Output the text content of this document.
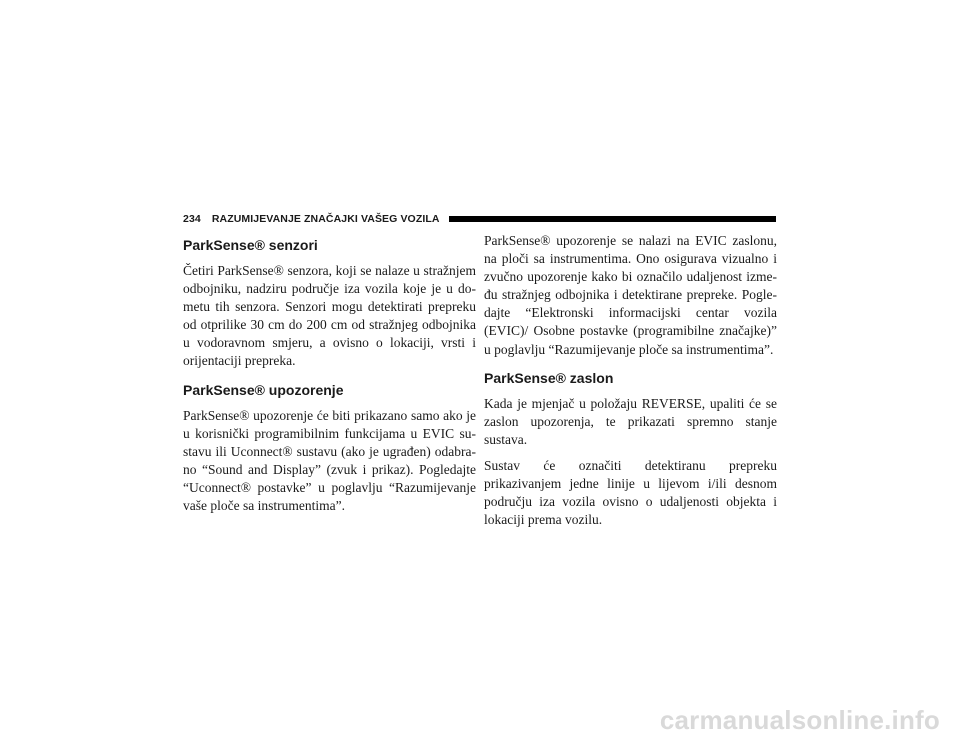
234 RAZUMIJEVANJE ZNAČAJKI VAŠEG VOZILA
ParkSense® senzori

Četiri ParkSense® senzora, koji se nalaze u stražnjem odbojniku, nadziru područje iza vozila koje je u dometu tih senzora. Senzori mogu detektirati prepreku od otprilike 30 cm do 200 cm od stražnjeg odbojnika u vodoravnom smjeru, a ovisno o lokaciji, vrsti i orijentaciji prepreka.

ParkSense® upozorenje

ParkSense® upozorenje će biti prikazano samo ako je u korisnički programibilnim funkcijama u EVIC sustavu ili Uconnect® sustavu (ako je ugrađen) odabrano “Sound and Display” (zvuk i prikaz). Pogledajte “Uconnect® postavke” u poglavlju “Razumijevanje vaše ploče sa instrumentima”.

ParkSense® upozorenje se nalazi na EVIC zaslonu, na ploči sa instrumentima. Ono osigurava vizualno i zvučno upozorenje kako bi označilo udaljenost između stražnjeg odbojnika i detektirane prepreke. Pogledajte “Elektronski informacijski centar vozila (EVIC)/ Osobne postavke (programibilne značajke)” u poglavlju “Razumijevanje ploče sa instrumentima”.

ParkSense® zaslon

Kada je mjenjač u položaju REVERSE, upaliti će se zaslon upozorenja, te prikazati spremno stanje sustava.

Sustav će označiti detektiranu prepreku prikazivanjem jedne linije u lijevom i/ili desnom području iza vozila ovisno o udaljenosti objekta i lokaciji prema vozilu.

carmanualsonline.info
